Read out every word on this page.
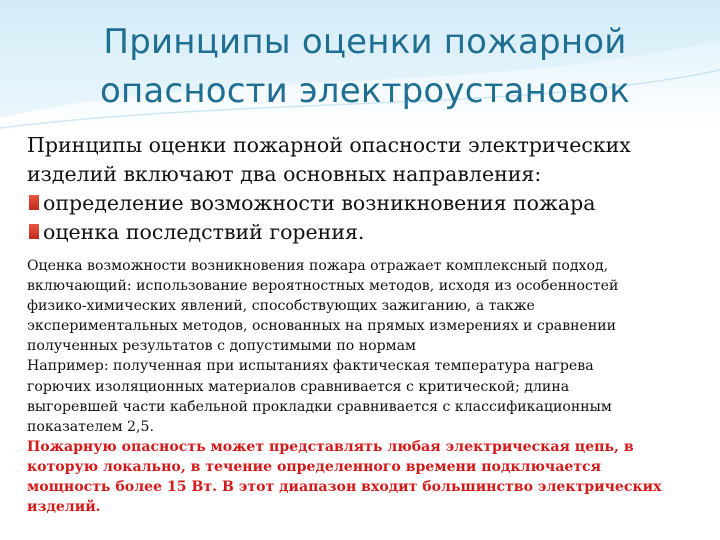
Принципы оценки пожарной
опасности электроустановок

Принципы оценки пожарной опасности электрических

изделий включают два основных направления:

определение возможности возникновения пожара

оценка последствий горения.

Оценка возможности возникновения пожара отражает комплексный подход,

включающий: использование вероятностных методов, исходя из особенностей

физико-химических явлений, способствующих зажиганию, а также

экспериментальных методов, основанных на прямых измерениях и сравнении

полученных результатов с допустимыми по нормам

Например: полученная при испытаниях фактическая температура нагрева

горючих изоляционных материалов сравнивается с критической; длина

выгоревшей части кабельной прокладки сравнивается с классификационным

показателем 2,5.

Пожарную опасность может представлять любая электрическая цепь, в

которую локально, в течение определенного времени подключается

мощность более 15 Вт. В этот диапазон входит большинство электрических

изделий.
